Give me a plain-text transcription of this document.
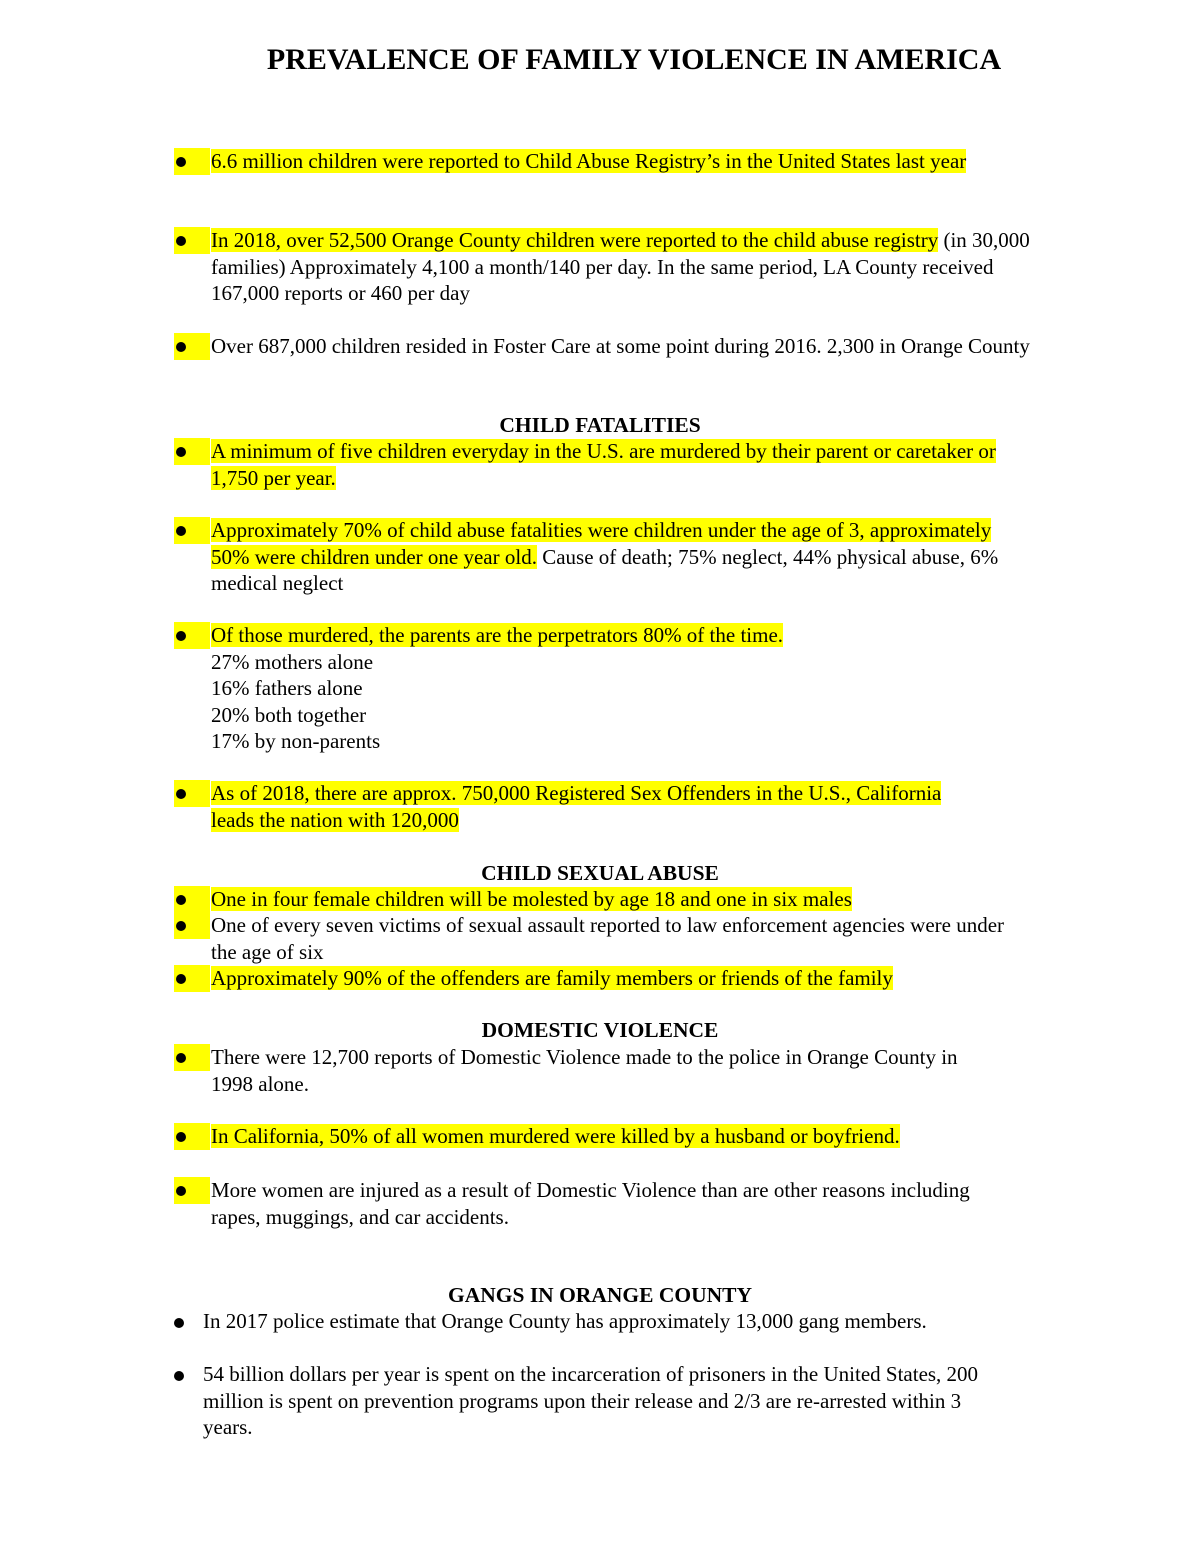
PREVALENCE OF FAMILY VIOLENCE IN AMERICA
6.6 million children were reported to Child Abuse Registry’s in the United States last year
In 2018, over 52,500 Orange County children were reported to the child abuse registry (in 30,000 families) Approximately 4,100 a month/140 per day. In the same period, LA County received 167,000 reports or 460 per day
Over 687,000 children resided in Foster Care at some point during 2016. 2,300 in Orange County
CHILD FATALITIES
A minimum of five children everyday in the U.S. are murdered by their parent or caretaker or 1,750 per year.
Approximately 70% of child abuse fatalities were children under the age of 3, approximately 50% were children under one year old. Cause of death; 75% neglect, 44% physical abuse, 6% medical neglect
Of those murdered, the parents are the perpetrators 80% of the time.
27% mothers alone
16% fathers alone
20% both together
17% by non-parents
As of 2018, there are approx. 750,000 Registered Sex Offenders in the U.S., California leads the nation with 120,000
CHILD SEXUAL ABUSE
One in four female children will be molested by age 18 and one in six males
One of every seven victims of sexual assault reported to law enforcement agencies were under the age of six
Approximately 90% of the offenders are family members or friends of the family
DOMESTIC VIOLENCE
There were 12,700 reports of Domestic Violence made to the police in Orange County in 1998 alone.
In California, 50% of all women murdered were killed by a husband or boyfriend.
More women are injured as a result of Domestic Violence than are other reasons including rapes, muggings, and car accidents.
GANGS IN ORANGE COUNTY
In 2017 police estimate that Orange County has approximately 13,000 gang members.
54 billion dollars per year is spent on the incarceration of prisoners in the United States, 200 million is spent on prevention programs upon their release and 2/3 are re-arrested within 3 years.
